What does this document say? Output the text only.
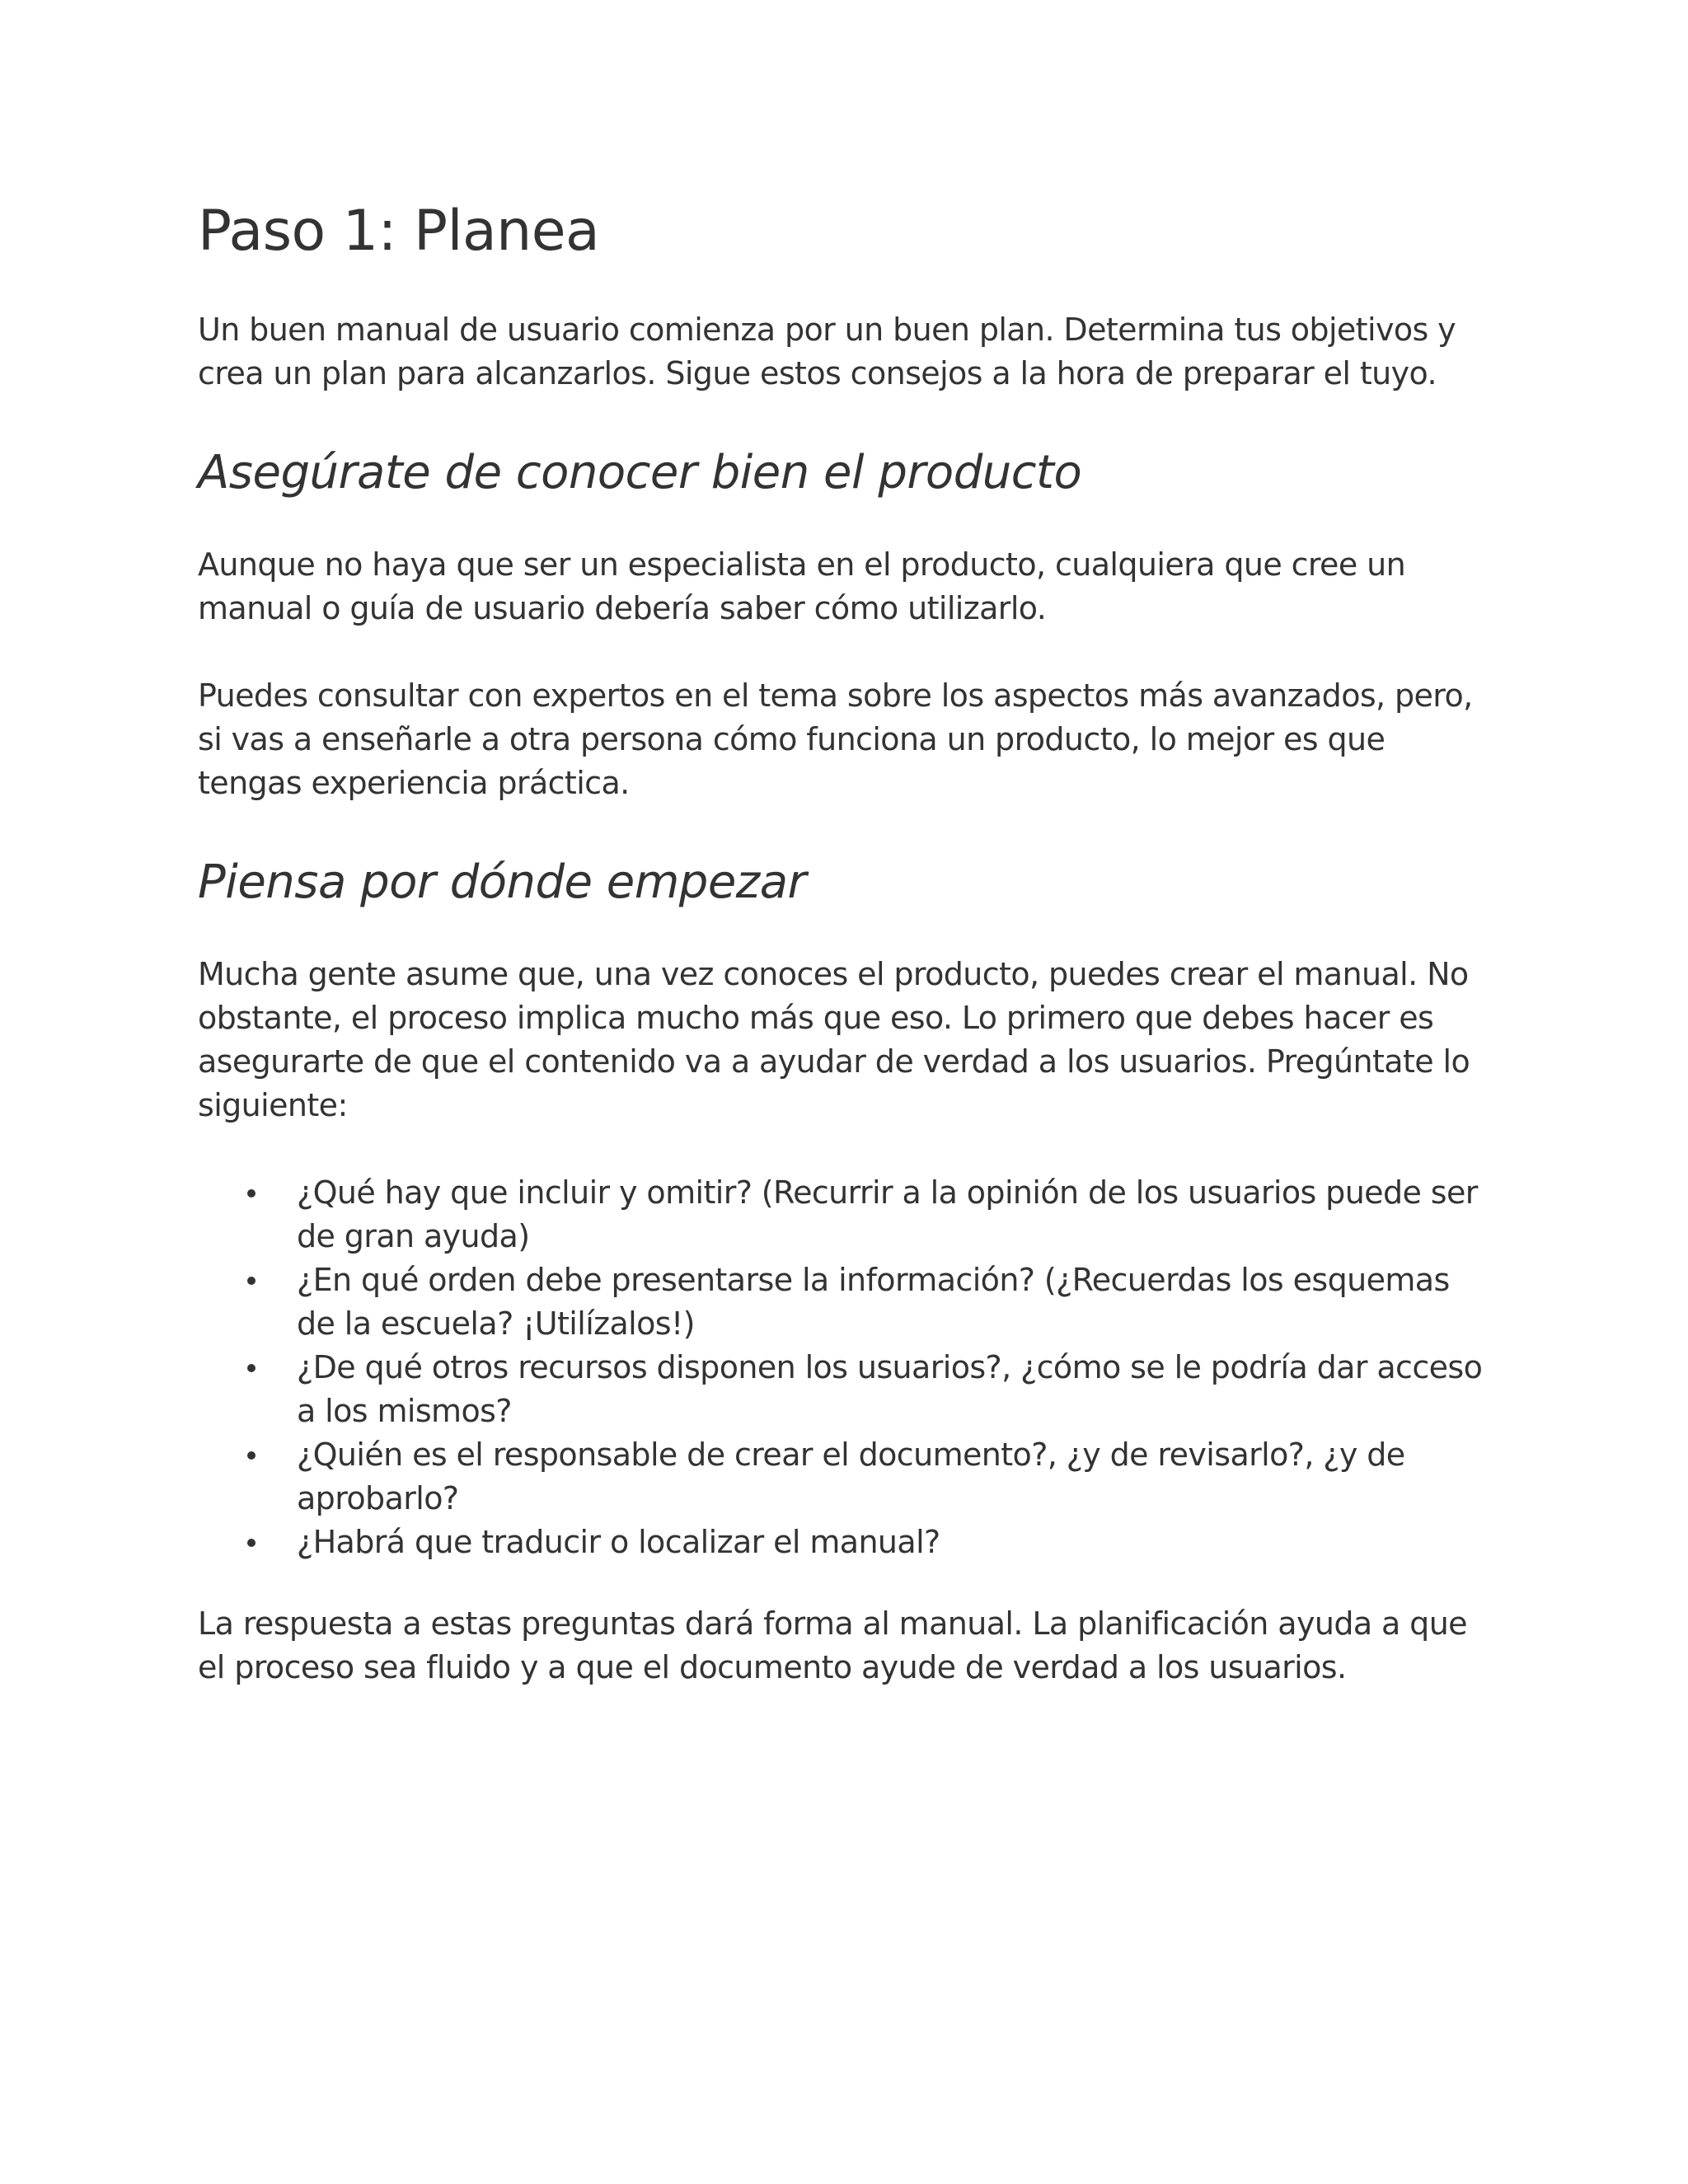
Paso 1: Planea

Un buen manual de usuario comienza por un buen plan. Determina tus objetivos y crea un plan para alcanzarlos. Sigue estos consejos a la hora de preparar el tuyo.

Asegúrate de conocer bien el producto

Aunque no haya que ser un especialista en el producto, cualquiera que cree un manual o guía de usuario debería saber cómo utilizarlo.

Puedes consultar con expertos en el tema sobre los aspectos más avanzados, pero, si vas a enseñarle a otra persona cómo funciona un producto, lo mejor es que tengas experiencia práctica.

Piensa por dónde empezar

Mucha gente asume que, una vez conoces el producto, puedes crear el manual. No obstante, el proceso implica mucho más que eso. Lo primero que debes hacer es asegurarte de que el contenido va a ayudar de verdad a los usuarios. Pregúntate lo siguiente:

¿Qué hay que incluir y omitir? (Recurrir a la opinión de los usuarios puede ser de gran ayuda)
¿En qué orden debe presentarse la información? (¿Recuerdas los esquemas de la escuela? ¡Utilízalos!)
¿De qué otros recursos disponen los usuarios?, ¿cómo se le podría dar acceso a los mismos?
¿Quién es el responsable de crear el documento?, ¿y de revisarlo?, ¿y de aprobarlo?
¿Habrá que traducir o localizar el manual?

La respuesta a estas preguntas dará forma al manual. La planificación ayuda a que el proceso sea fluido y a que el documento ayude de verdad a los usuarios.
